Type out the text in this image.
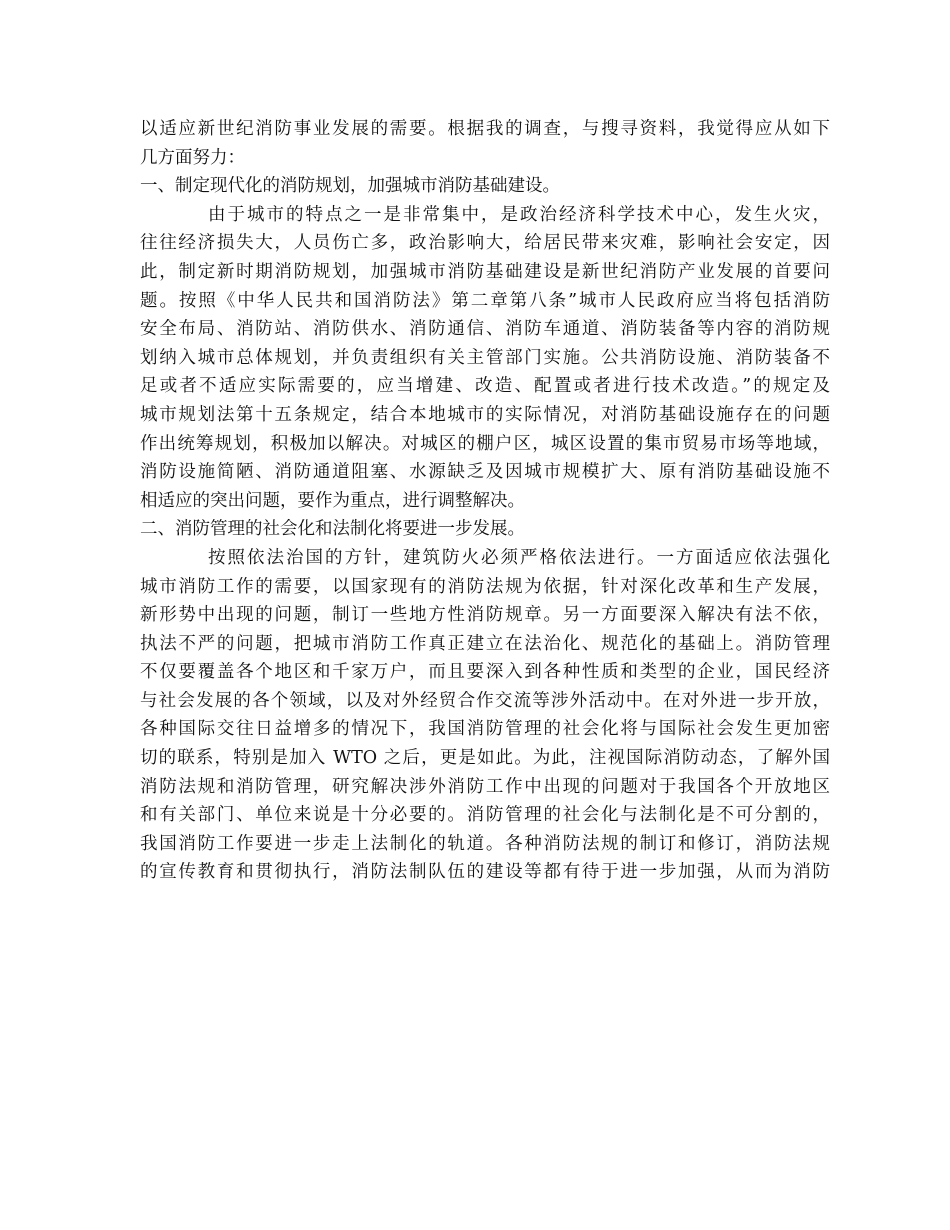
以适应新世纪消防事业发展的需要。根据我的调查，与搜寻资料，我觉得应从如下
几方面努力：
一、制定现代化的消防规划，加强城市消防基础建设。
由于城市的特点之一是非常集中，是政治经济科学技术中心，发生火灾，
往往经济损失大，人员伤亡多，政治影响大，给居民带来灾难，影响社会安定，因
此，制定新时期消防规划，加强城市消防基础建设是新世纪消防产业发展的首要问
题。按照《中华人民共和国消防法》第二章第八条”城市人民政府应当将包括消防
安全布局、消防站、消防供水、消防通信、消防车通道、消防装备等内容的消防规
划纳入城市总体规划，并负责组织有关主管部门实施。公共消防设施、消防装备不
足或者不适应实际需要的，应当增建、改造、配置或者进行技术改造。”的规定及
城市规划法第十五条规定，结合本地城市的实际情况，对消防基础设施存在的问题
作出统筹规划，积极加以解决。对城区的棚户区，城区设置的集市贸易市场等地域，
消防设施简陋、消防通道阻塞、水源缺乏及因城市规模扩大、原有消防基础设施不
相适应的突出问题，要作为重点，进行调整解决。
二、消防管理的社会化和法制化将要进一步发展。
按照依法治国的方针，建筑防火必须严格依法进行。一方面适应依法强化
城市消防工作的需要，以国家现有的消防法规为依据，针对深化改革和生产发展，
新形势中出现的问题，制订一些地方性消防规章。另一方面要深入解决有法不依，
执法不严的问题，把城市消防工作真正建立在法治化、规范化的基础上。消防管理
不仅要覆盖各个地区和千家万户，而且要深入到各种性质和类型的企业，国民经济
与社会发展的各个领域，以及对外经贸合作交流等涉外活动中。在对外进一步开放，
各种国际交往日益增多的情况下，我国消防管理的社会化将与国际社会发生更加密
切的联系，特别是加入 WTO 之后，更是如此。为此，注视国际消防动态，了解外国
消防法规和消防管理，研究解决涉外消防工作中出现的问题对于我国各个开放地区
和有关部门、单位来说是十分必要的。消防管理的社会化与法制化是不可分割的，
我国消防工作要进一步走上法制化的轨道。各种消防法规的制订和修订，消防法规
的宣传教育和贯彻执行，消防法制队伍的建设等都有待于进一步加强，从而为消防
